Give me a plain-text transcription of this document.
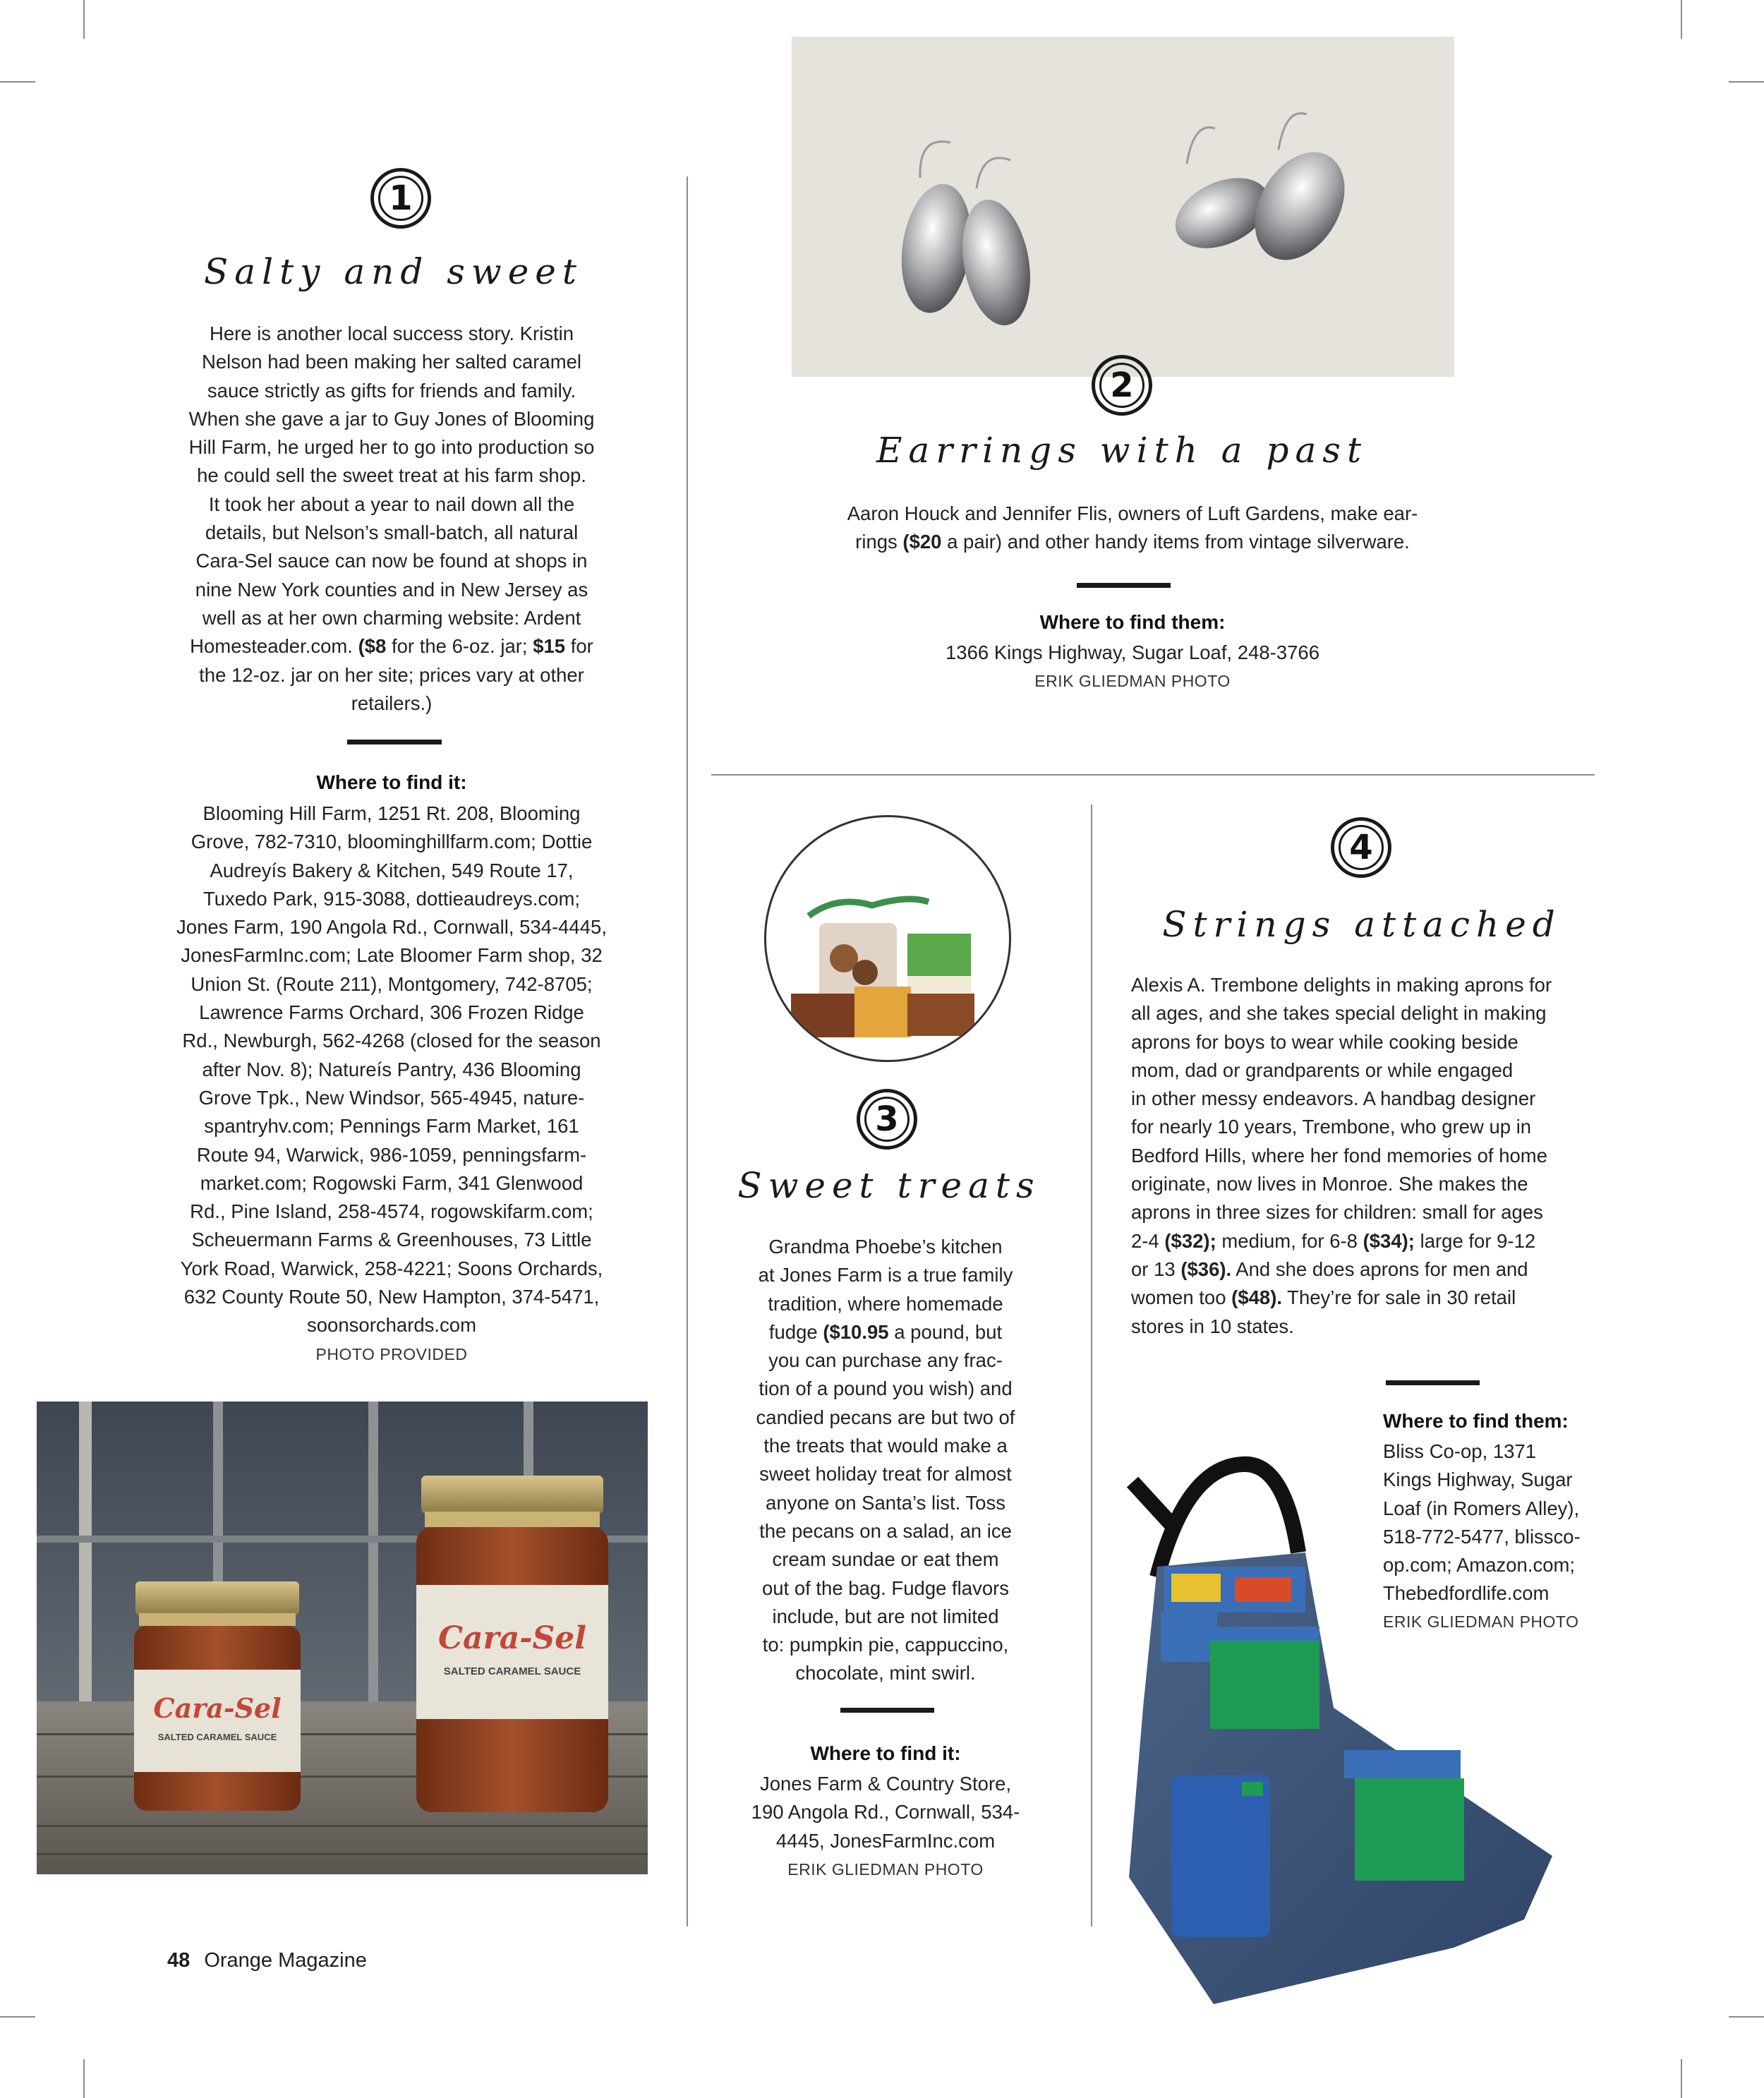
1
Salty and sweet
Here is another local success story. Kristin
Nelson had been making her salted caramel
sauce strictly as gifts for friends and family.
When she gave a jar to Guy Jones of Blooming
Hill Farm, he urged her to go into production so
he could sell the sweet treat at his farm shop.
It took her about a year to nail down all the
details, but Nelson’s small-batch, all natural
Cara-Sel sauce can now be found at shops in
nine New York counties and in New Jersey as
well as at her own charming website: Ardent
Homesteader.com. ($8 for the 6-oz. jar; $15 for
the 12-oz. jar on her site; prices vary at other
retailers.)
Where to find it:
Blooming Hill Farm, 1251 Rt. 208, Blooming
Grove, 782-7310, bloominghillfarm.com; Dottie
Audreyís Bakery & Kitchen, 549 Route 17,
Tuxedo Park, 915-3088, dottieaudreys.com;
Jones Farm, 190 Angola Rd., Cornwall, 534-4445,
JonesFarmInc.com; Late Bloomer Farm shop, 32
Union St. (Route 211), Montgomery, 742-8705;
Lawrence Farms Orchard, 306 Frozen Ridge
Rd., Newburgh, 562-4268 (closed for the season
after Nov. 8); Natureís Pantry, 436 Blooming
Grove Tpk., New Windsor, 565-4945, nature-
spantryhv.com; Pennings Farm Market, 161
Route 94, Warwick, 986-1059, penningsfarm-
market.com; Rogowski Farm, 341 Glenwood
Rd., Pine Island, 258-4574, rogowskifarm.com;
Scheuermann Farms & Greenhouses, 73 Little
York Road, Warwick, 258-4221; Soons Orchards,
632 County Route 50, New Hampton, 374-5471,
soonsorchards.com
PHOTO PROVIDED
Cara-Sel
SALTED CARAMEL SAUCE
Cara-Sel
SALTED CARAMEL SAUCE
2
Earrings with a past
Aaron Houck and Jennifer Flis, owners of Luft Gardens, make ear-
rings ($20 a pair) and other handy items from vintage silverware.
Where to find them:
1366 Kings Highway, Sugar Loaf, 248-3766
ERIK GLIEDMAN PHOTO
3
Sweet treats
Grandma Phoebe’s kitchen
at Jones Farm is a true family
tradition, where homemade
fudge ($10.95 a pound, but
you can purchase any frac-
tion of a pound you wish) and
candied pecans are but two of
the treats that would make a
sweet holiday treat for almost
anyone on Santa’s list. Toss
the pecans on a salad, an ice
cream sundae or eat them
out of the bag. Fudge flavors
include, but are not limited
to: pumpkin pie, cappuccino,
chocolate, mint swirl.
Where to find it:
Jones Farm & Country Store,
190 Angola Rd., Cornwall, 534-
4445, JonesFarmInc.com
ERIK GLIEDMAN PHOTO
4
Strings attached
Alexis A. Trembone delights in making aprons for
all ages, and she takes special delight in making
aprons for boys to wear while cooking beside
mom, dad or grandparents or while engaged
in other messy endeavors. A handbag designer
for nearly 10 years, Trembone, who grew up in
Bedford Hills, where her fond memories of home
originate, now lives in Monroe. She makes the
aprons in three sizes for children: small for ages
2-4 ($32); medium, for 6-8 ($34); large for 9-12
or 13 ($36). And she does aprons for men and
women too ($48). They’re for sale in 30 retail
stores in 10 states.
Where to find them:
Bliss Co-op, 1371
Kings Highway, Sugar
Loaf (in Romers Alley),
518-772-5477, blissco-
op.com; Amazon.com;
Thebedfordlife.com
ERIK GLIEDMAN PHOTO
48 Orange Magazine
